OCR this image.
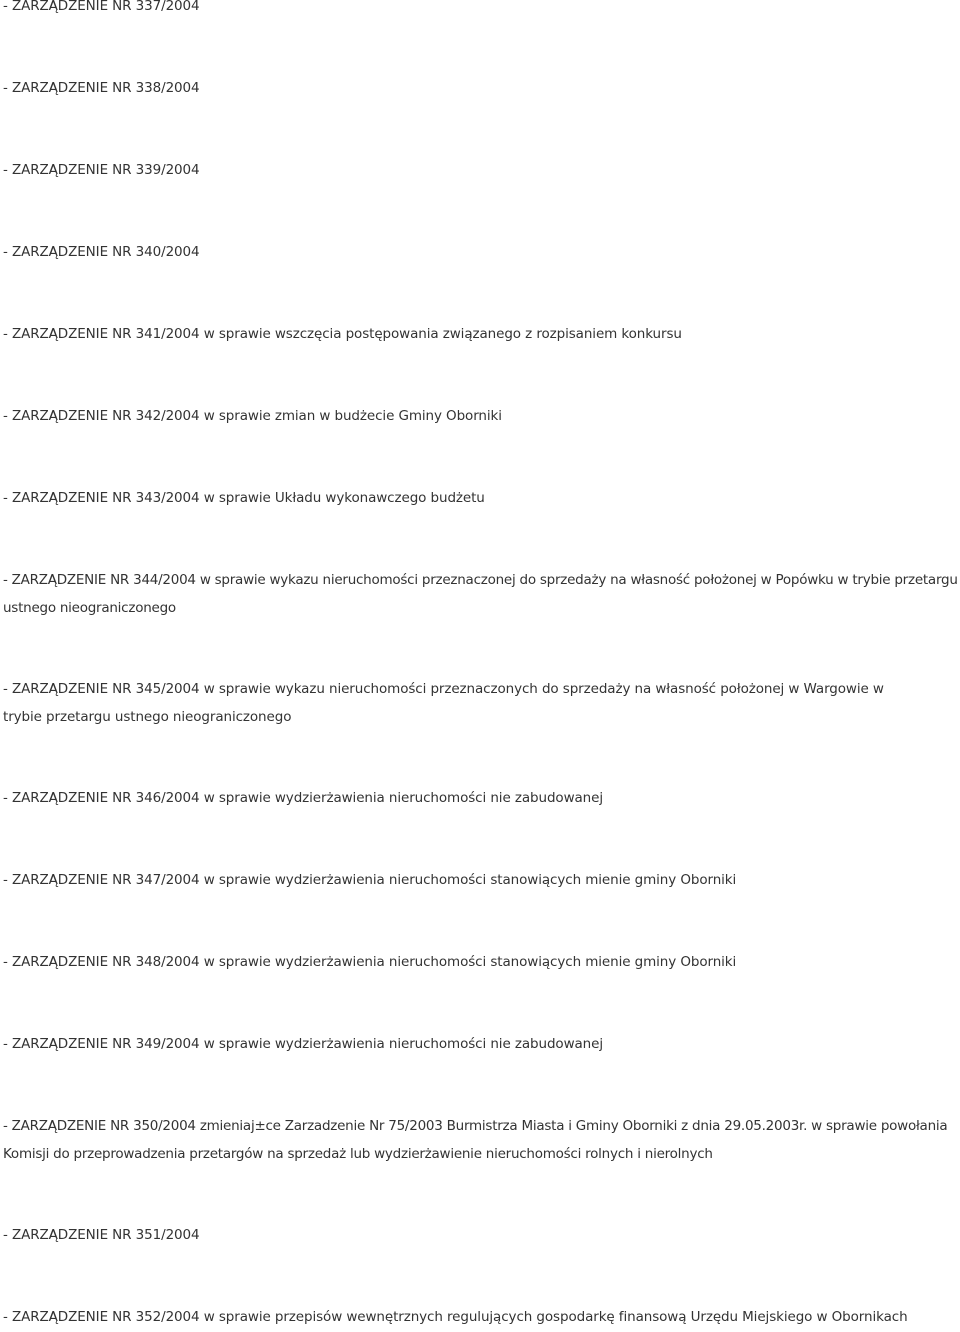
- ZARZĄDZENIE NR 337/2004
- ZARZĄDZENIE NR 338/2004
- ZARZĄDZENIE NR 339/2004
- ZARZĄDZENIE NR 340/2004
- ZARZĄDZENIE NR 341/2004 w sprawie wszczęcia postępowania związanego z rozpisaniem konkursu
- ZARZĄDZENIE NR 342/2004 w sprawie zmian w budżecie Gminy Oborniki
- ZARZĄDZENIE NR 343/2004 w sprawie Układu wykonawczego budżetu
- ZARZĄDZENIE NR 344/2004 w sprawie wykazu nieruchomości przeznaczonej do sprzedaży na własność położonej w Popówku w trybie przetargu ustnego nieograniczonego
- ZARZĄDZENIE NR 345/2004 w sprawie wykazu nieruchomości przeznaczonych do sprzedaży na własność położonej w Wargowie w trybie przetargu ustnego nieograniczonego
- ZARZĄDZENIE NR 346/2004 w sprawie wydzierżawienia nieruchomości nie zabudowanej
- ZARZĄDZENIE NR 347/2004 w sprawie wydzierżawienia nieruchomości stanowiących mienie gminy Oborniki
- ZARZĄDZENIE NR 348/2004 w sprawie wydzierżawienia nieruchomości stanowiących mienie gminy Oborniki
- ZARZĄDZENIE NR 349/2004 w sprawie wydzierżawienia nieruchomości nie zabudowanej
- ZARZĄDZENIE NR 350/2004 zmieniaj±ce Zarzadzenie Nr 75/2003 Burmistrza Miasta i Gminy Oborniki z dnia 29.05.2003r. w sprawie powołania Komisji do przeprowadzenia przetargów na sprzedaż lub wydzierżawienie nieruchomości rolnych i nierolnych
- ZARZĄDZENIE NR 351/2004
- ZARZĄDZENIE NR 352/2004 w sprawie przepisów wewnętrznych regulujących gospodarkę finansową Urzędu Miejskiego w Obornikach
